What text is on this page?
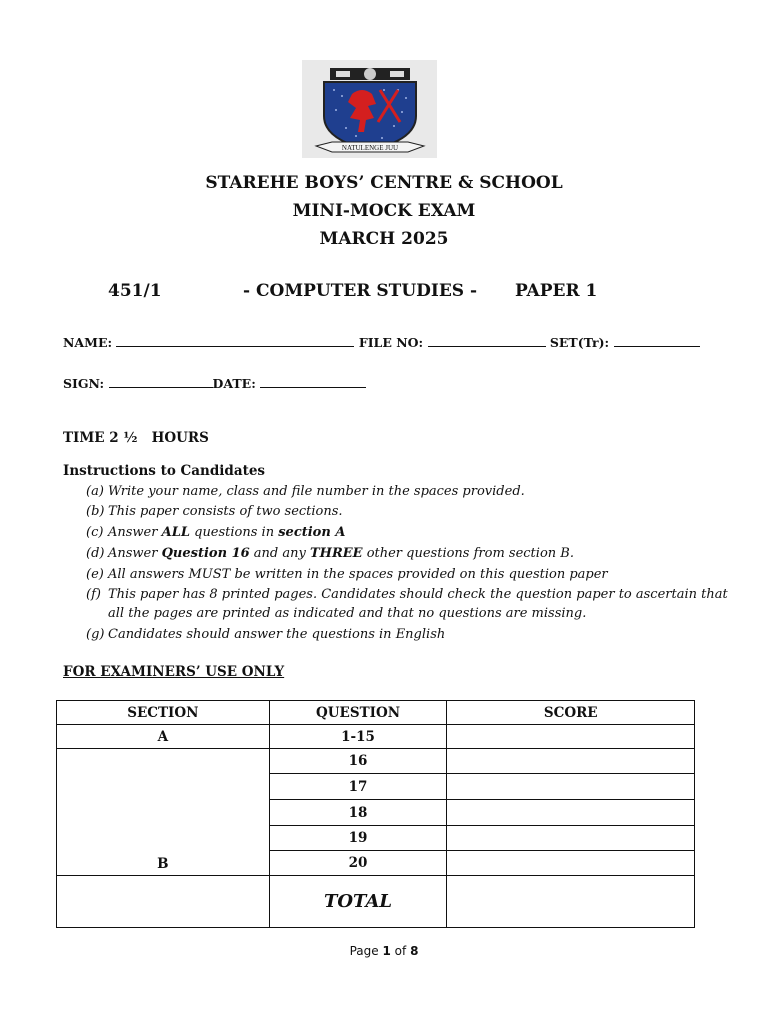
NATULENGE JUU
STAREHE BOYS’ CENTRE & SCHOOL
MINI-MOCK EXAM
MARCH 2025
451/1	- COMPUTER STUDIES - PAPER 1
NAME:	FILE NO:	SET(Tr):
SIGN:	DATE:
TIME 2 ½   HOURS
Instructions to Candidates
(a) Write your name, class and file number in the spaces provided.
(b) This paper consists of two sections.
(c) Answer ALL questions in section A
(d) Answer Question 16 and any THREE other questions from section B.
(e) All answers MUST be written in the spaces provided on this question paper
(f) This paper has 8 printed pages. Candidates should check the question paper to ascertain that
all the pages are printed as indicated and that no questions are missing.
(g) Candidates should answer the questions in English
FOR EXAMINERS’ USE ONLY
SECTION	QUESTION	SCORE
A	1-15	
B	16	
	17	
	18	
	19	
	20	
	TOTAL	
Page 1 of 8
